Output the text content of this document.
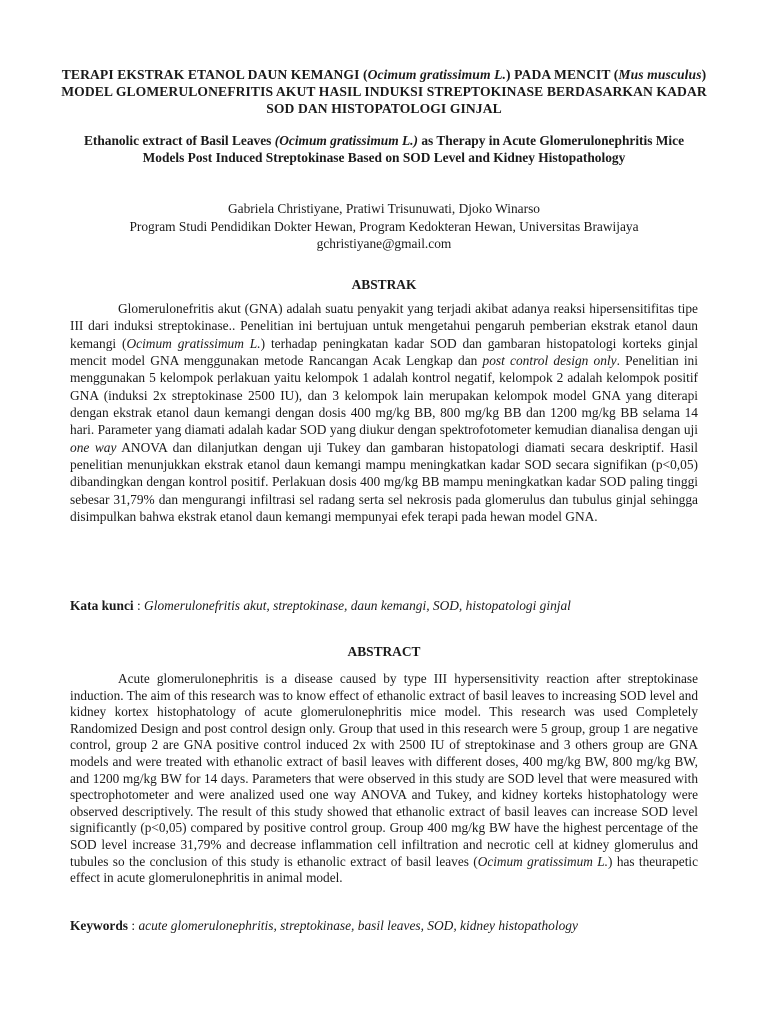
TERAPI EKSTRAK ETANOL DAUN KEMANGI (Ocimum gratissimum L.) PADA MENCIT (Mus musculus) MODEL GLOMERULONEFRITIS AKUT HASIL INDUKSI STREPTOKINASE BERDASARKAN KADAR SOD DAN HISTOPATOLOGI GINJAL
Ethanolic extract of Basil Leaves (Ocimum gratissimum L.) as Therapy in Acute Glomerulonephritis Mice Models Post Induced Streptokinase Based on SOD Level and Kidney Histopathology
Gabriela Christiyane, Pratiwi Trisunuwati, Djoko Winarso
Program Studi Pendidikan Dokter Hewan, Program Kedokteran Hewan, Universitas Brawijaya
gchristiyane@gmail.com
ABSTRAK

Glomerulonefritis akut (GNA) adalah suatu penyakit yang terjadi akibat adanya reaksi hipersensitifitas tipe III dari induksi streptokinase.. Penelitian ini bertujuan untuk mengetahui pengaruh pemberian ekstrak etanol daun kemangi (Ocimum gratissimum L.) terhadap peningkatan kadar SOD dan gambaran histopatologi korteks ginjal mencit model GNA menggunakan metode Rancangan Acak Lengkap dan post control design only. Penelitian ini menggunakan 5 kelompok perlakuan yaitu kelompok 1 adalah kontrol negatif, kelompok 2 adalah kelompok positif GNA (induksi 2x streptokinase 2500 IU), dan 3 kelompok lain merupakan kelompok model GNA yang diterapi dengan ekstrak etanol daun kemangi dengan dosis 400 mg/kg BB, 800 mg/kg BB dan 1200 mg/kg BB selama 14 hari. Parameter yang diamati adalah kadar SOD yang diukur dengan spektrofotometer kemudian dianalisa dengan uji one way ANOVA dan dilanjutkan dengan uji Tukey dan gambaran histopatologi diamati secara deskriptif. Hasil penelitian menunjukkan ekstrak etanol daun kemangi mampu meningkatkan kadar SOD secara signifikan (p<0,05) dibandingkan dengan kontrol positif. Perlakuan dosis 400 mg/kg BB mampu meningkatkan kadar SOD paling tinggi sebesar 31,79% dan mengurangi infiltrasi sel radang serta sel nekrosis pada glomerulus dan tubulus ginjal sehingga disimpulkan bahwa ekstrak etanol daun kemangi mempunyai efek terapi pada hewan model GNA.

Kata kunci : Glomerulonefritis akut, streptokinase, daun kemangi, SOD, histopatologi ginjal
ABSTRACT

Acute glomerulonephritis is a disease caused by type III hypersensitivity reaction after streptokinase induction. The aim of this research was to know effect of ethanolic extract of basil leaves to increasing SOD level and kidney kortex histophatology of acute glomerulonephritis mice model. This research was used Completely Randomized Design and post control design only. Group that used in this research were 5 group, group 1 are negative control, group 2 are GNA positive control induced 2x with 2500 IU of streptokinase and 3 others group are GNA models and were treated with ethanolic extract of basil leaves with different doses, 400 mg/kg BW, 800 mg/kg BW, and 1200 mg/kg BW for 14 days. Parameters that were observed in this study are SOD level that were measured with spectrophotometer and were analized used one way ANOVA and Tukey, and kidney korteks histophatology were observed descriptively. The result of this study showed that ethanolic extract of basil leaves can increase SOD level significantly (p<0,05) compared by positive control group. Group 400 mg/kg BW have the highest percentage of the SOD level increase 31,79% and decrease inflammation cell infiltration and necrotic cell at kidney glomerulus and tubules so the conclusion of this study is ethanolic extract of basil leaves (Ocimum gratissimum L.) has theurapetic effect in acute glomerulonephritis in animal model.

Keywords : acute glomerulonephritis, streptokinase, basil leaves, SOD, kidney histopathology
